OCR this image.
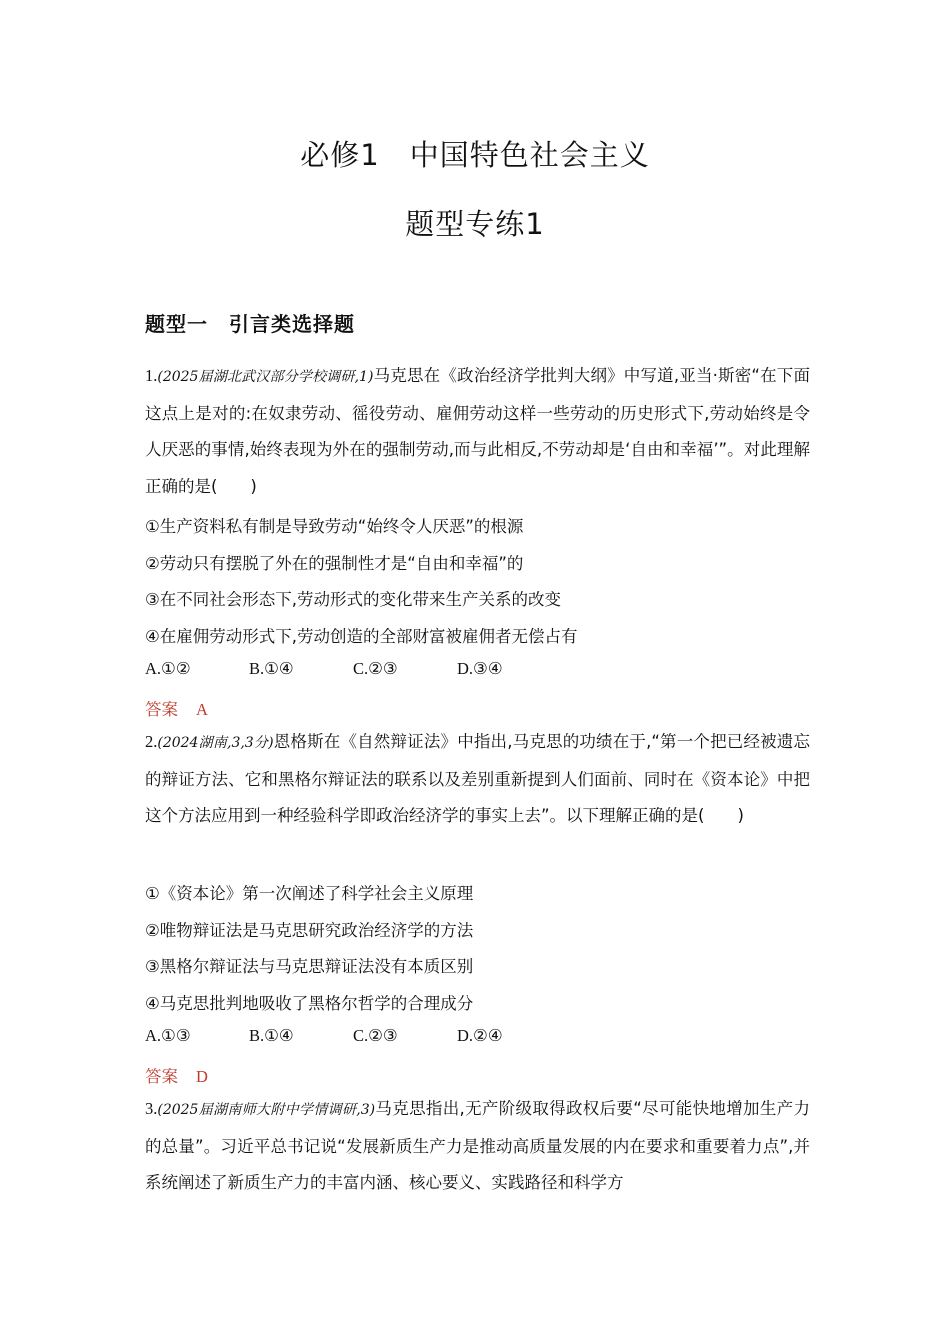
必修1　中国特色社会主义
题型专练1
题型一　引言类选择题
1.(2025届湖北武汉部分学校调研,1)马克思在《政治经济学批判大纲》中写道,亚当·斯密“在下面这点上是对的:在奴隶劳动、徭役劳动、雇佣劳动这样一些劳动的历史形式下,劳动始终是令人厌恶的事情,始终表现为外在的强制劳动,而与此相反,不劳动却是‘自由和幸福’”。对此理解正确的是(　　)
①生产资料私有制是导致劳动“始终令人厌恶”的根源
②劳动只有摆脱了外在的强制性才是“自由和幸福”的
③在不同社会形态下,劳动形式的变化带来生产关系的改变
④在雇佣劳动形式下,劳动创造的全部财富被雇佣者无偿占有
A.①②	B.①④	C.②③	D.③④
答案 A
2.(2024湖南,3,3分)恩格斯在《自然辩证法》中指出,马克思的功绩在于,“第一个把已经被遗忘的辩证方法、它和黑格尔辩证法的联系以及差别重新提到人们面前、同时在《资本论》中把这个方法应用到一种经验科学即政治经济学的事实上去”。以下理解正确的是(　　)
①《资本论》第一次阐述了科学社会主义原理
②唯物辩证法是马克思研究政治经济学的方法
③黑格尔辩证法与马克思辩证法没有本质区别
④马克思批判地吸收了黑格尔哲学的合理成分
A.①③	B.①④	C.②③	D.②④
答案 D
3.(2025届湖南师大附中学情调研,3)马克思指出,无产阶级取得政权后要“尽可能快地增加生产力的总量”。习近平总书记说“发展新质生产力是推动高质量发展的内在要求和重要着力点”,并系统阐述了新质生产力的丰富内涵、核心要义、实践路径和科学方
